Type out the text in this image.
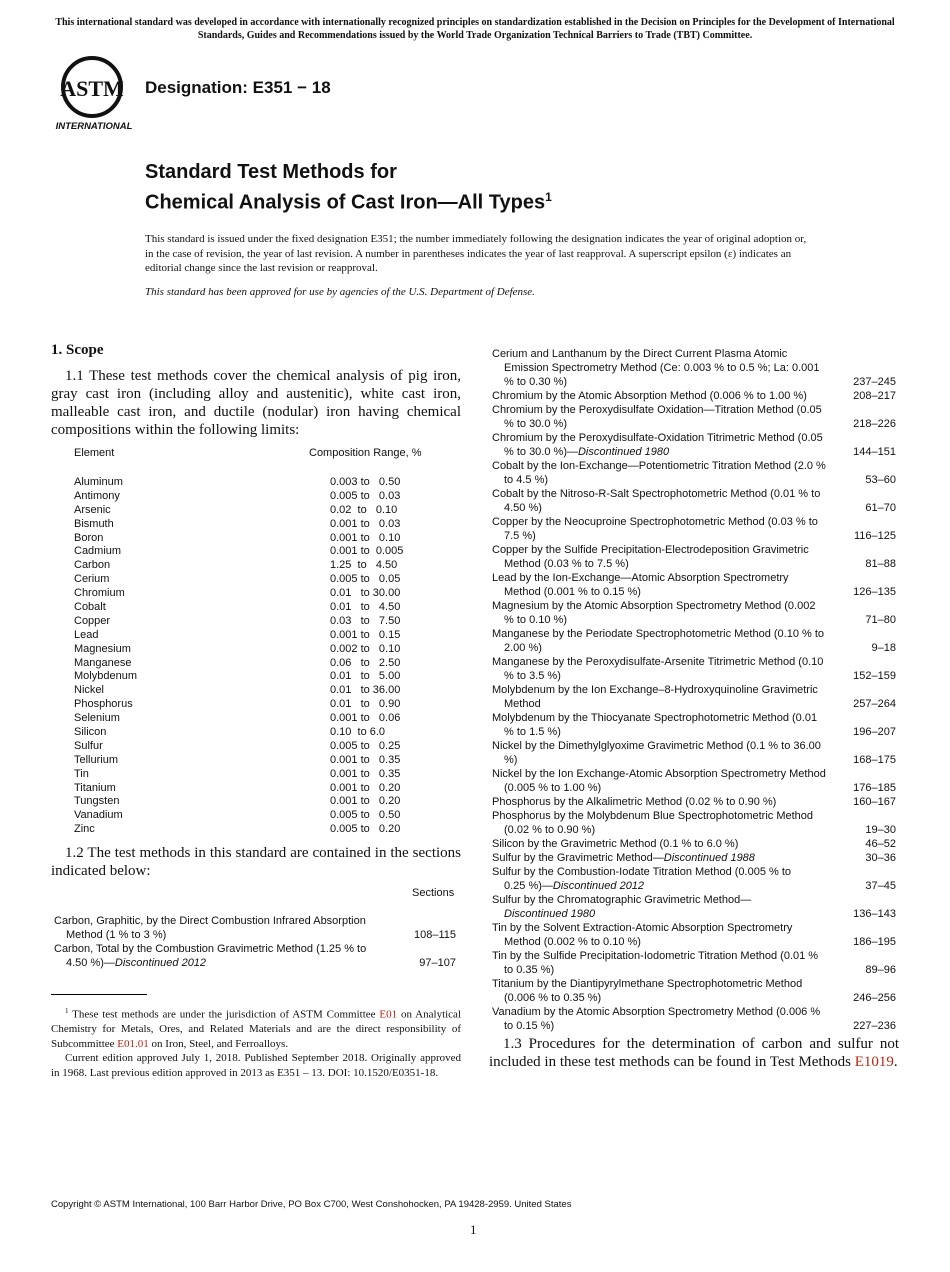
This international standard was developed in accordance with internationally recognized principles on standardization established in the Decision on Principles for the Development of International Standards, Guides and Recommendations issued by the World Trade Organization Technical Barriers to Trade (TBT) Committee.
ASTM
INTERNATIONAL
Designation: E351 − 18
Standard Test Methods for
Chemical Analysis of Cast Iron—All Types$^1$
This standard is issued under the fixed designation E351; the number immediately following the designation indicates the year of original adoption or, in the case of revision, the year of last revision. A number in parentheses indicates the year of last reapproval. A superscript epsilon (ε) indicates an editorial change since the last revision or reapproval.
This standard has been approved for use by agencies of the U.S. Department of Defense.
1. Scope
1.1 These test methods cover the chemical analysis of pig iron, gray cast iron (including alloy and austenitic), white cast iron, malleable cast iron, and ductile (nodular) iron having chemical compositions within the following limits:
Element	Composition Range, %
Aluminum	0.003 to   0.50
Antimony	0.005 to   0.03
Arsenic	0.02  to   0.10
Bismuth	0.001 to   0.03
Boron	0.001 to   0.10
Cadmium	0.001 to  0.005
Carbon	1.25  to   4.50
Cerium	0.005 to   0.05
Chromium	0.01   to 30.00
Cobalt	0.01   to   4.50
Copper	0.03   to   7.50
Lead	0.001 to   0.15
Magnesium	0.002 to   0.10
Manganese	0.06   to   2.50
Molybdenum	0.01   to   5.00
Nickel	0.01   to 36.00
Phosphorus	0.01   to   0.90
Selenium	0.001 to   0.06
Silicon	0.10  to 6.0
Sulfur	0.005 to   0.25
Tellurium	0.001 to   0.35
Tin	0.001 to   0.35
Titanium	0.001 to   0.20
Tungsten	0.001 to   0.20
Vanadium	0.005 to   0.50
Zinc	0.005 to   0.20
1.2 The test methods in this standard are contained in the sections indicated below:
Sections
Carbon, Graphitic, by the Direct Combustion Infrared Absorption
Method (1 % to 3 %)	108–115
Carbon, Total by the Combustion Gravimetric Method (1.25 % to
4.50 %)—Discontinued 2012	97–107

$^1$ These test methods are under the jurisdiction of ASTM Committee E01 on Analytical Chemistry for Metals, Ores, and Related Materials and are the direct responsibility of Subcommittee E01.01 on Iron, Steel, and Ferroalloys.

Current edition approved July 1, 2018. Published September 2018. Originally approved in 1968. Last previous edition approved in 2013 as E351 – 13. DOI: 10.1520/E0351-18.

Cerium and Lanthanum by the Direct Current Plasma Atomic
Emission Spectrometry Method (Ce: 0.003 % to 0.5 %; La: 0.001 % to 0.30 %)	237–245
Chromium by the Atomic Absorption Method (0.006 % to 1.00 %)	208–217
Chromium by the Peroxydisulfate Oxidation—Titration Method (0.05
% to 30.0 %)	218–226
Chromium by the Peroxydisulfate-Oxidation Titrimetric Method (0.05
% to 30.0 %)—Discontinued 1980	144–151
Cobalt by the Ion-Exchange—Potentiometric Titration Method (2.0 %
to 4.5 %)	53–60
Cobalt by the Nitroso-R-Salt Spectrophotometric Method (0.01 % to
4.50 %)	61–70
Copper by the Neocuproine Spectrophotometric Method (0.03 % to
7.5 %)	116–125
Copper by the Sulfide Precipitation-Electrodeposition Gravimetric
Method (0.03 % to 7.5 %)	81–88
Lead by the Ion-Exchange—Atomic Absorption Spectrometry
Method (0.001 % to 0.15 %)	126–135
Magnesium by the Atomic Absorption Spectrometry Method (0.002
% to 0.10 %)	71–80
Manganese by the Periodate Spectrophotometric Method (0.10 % to
2.00 %)	9–18
Manganese by the Peroxydisulfate-Arsenite Titrimetric Method (0.10
% to 3.5 %)	152–159
Molybdenum by the Ion Exchange–8-Hydroxyquinoline Gravimetric
Method	257–264
Molybdenum by the Thiocyanate Spectrophotometric Method (0.01
% to 1.5 %)	196–207
Nickel by the Dimethylglyoxime Gravimetric Method (0.1 % to 36.00
%)	168–175
Nickel by the Ion Exchange-Atomic Absorption Spectrometry Method
(0.005 % to 1.00 %)	176–185
Phosphorus by the Alkalimetric Method (0.02 % to 0.90 %)	160–167
Phosphorus by the Molybdenum Blue Spectrophotometric Method
(0.02 % to 0.90 %)	19–30
Silicon by the Gravimetric Method (0.1 % to 6.0 %)	46–52
Sulfur by the Gravimetric Method—Discontinued 1988	30–36
Sulfur by the Combustion-Iodate Titration Method (0.005 % to
0.25 %)—Discontinued 2012	37–45
Sulfur by the Chromatographic Gravimetric Method—
Discontinued 1980	136–143
Tin by the Solvent Extraction-Atomic Absorption Spectrometry
Method (0.002 % to 0.10 %)	186–195
Tin by the Sulfide Precipitation-Iodometric Titration Method (0.01 %
to 0.35 %)	89–96
Titanium by the Diantipyrylmethane Spectrophotometric Method
(0.006 % to 0.35 %)	246–256
Vanadium by the Atomic Absorption Spectrometry Method (0.006 %
to 0.15 %)	227–236
1.3 Procedures for the determination of carbon and sulfur not included in these test methods can be found in Test Methods E1019.
Copyright © ASTM International, 100 Barr Harbor Drive, PO Box C700, West Conshohocken, PA 19428-2959. United States
1
